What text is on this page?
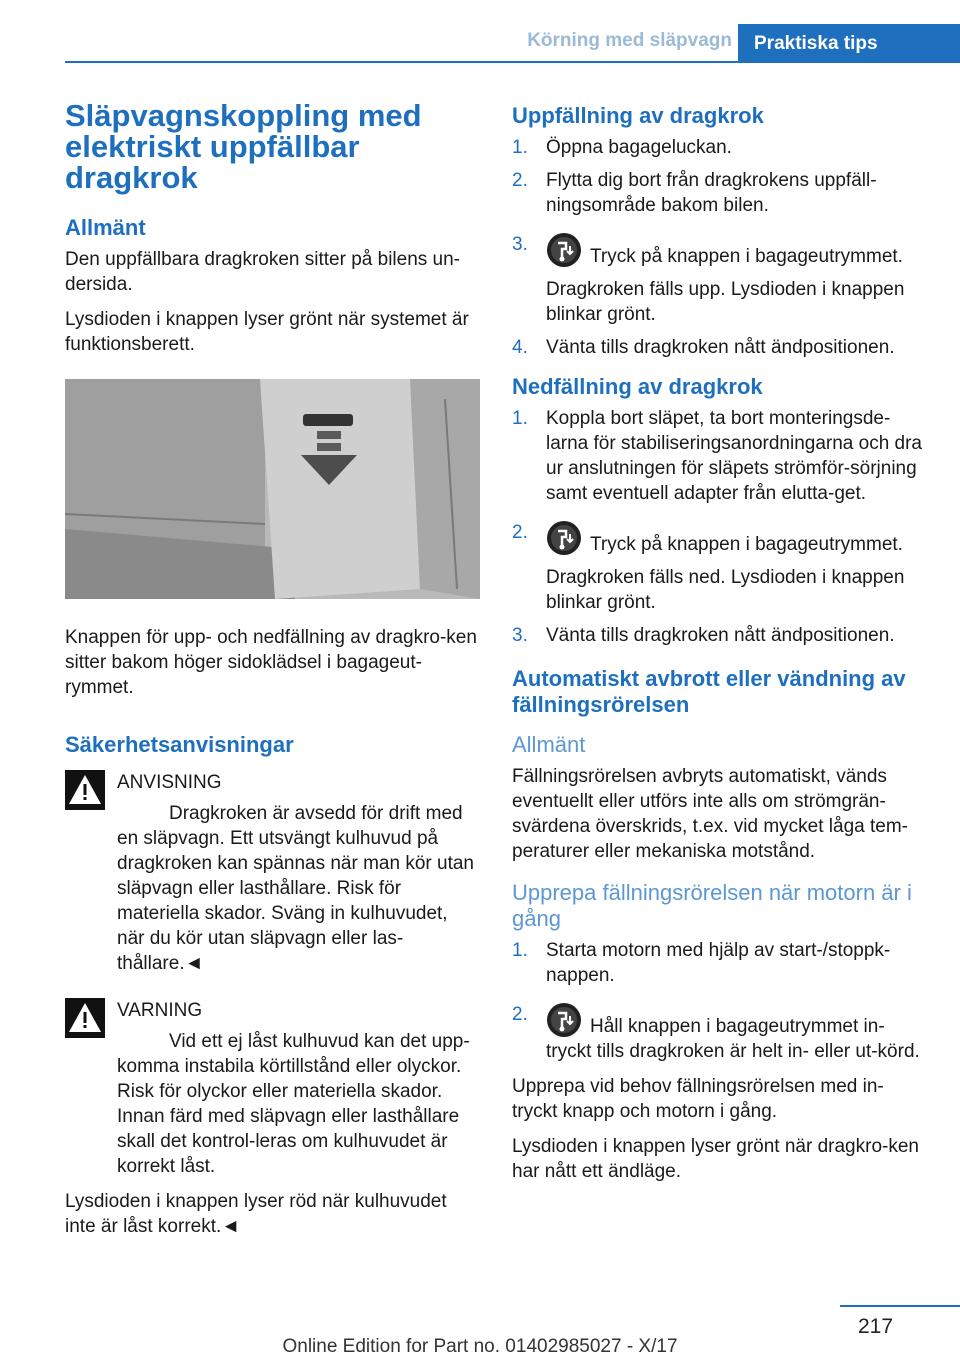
Körning med släpvagn	Praktiska tips
Släpvagnskoppling med elektriskt uppfällbar dragkrok
Allmänt

Den uppfällbara dragkroken sitter på bilens un-dersida.

Lysdioden i knappen lyser grönt när systemet är funktionsberett.

Knappen för upp- och nedfällning av dragkro-ken sitter bakom höger sidoklädsel i bagageut-rymmet.

Säkerhetsanvisningar

ANVISNING

Dragkroken är avsedd för drift med en släpvagn. Ett utsvängt kulhuvud på dragkroken kan spännas när man kör utan släpvagn eller lasthållare. Risk för materiella skador. Sväng in kulhuvudet, när du kör utan släpvagn eller las-thållare.◄

VARNING

Vid ett ej låst kulhuvud kan det upp-komma instabila körtillstånd eller olyckor. Risk för olyckor eller materiella skador. Innan färd med släpvagn eller lasthållare skall det kontrol-leras om kulhuvudet är korrekt låst.

Lysdioden i knappen lyser röd när kulhuvudet inte är låst korrekt.◄

Uppfällning av dragkrok
1. Öppna bagageluckan.
2. Flytta dig bort från dragkrokens uppfäll-ningsområde bakom bilen.
3.
Tryck på knappen i bagageutrymmet.
Dragkroken fälls upp. Lysdioden i knappen blinkar grönt.
4. Vänta tills dragkroken nått ändpositionen.
Nedfällning av dragkrok
1. Koppla bort släpet, ta bort monteringsde-larna för stabiliseringsanordningarna och dra ur anslutningen för släpets strömför-sörjning samt eventuell adapter från elutta-get.
2.
Tryck på knappen i bagageutrymmet.
Dragkroken fälls ned. Lysdioden i knappen blinkar grönt.
3. Vänta tills dragkroken nått ändpositionen.
Automatiskt avbrott eller vändning av fällningsrörelsen
Allmänt

Fällningsrörelsen avbryts automatiskt, vänds eventuellt eller utförs inte alls om strömgrän-svärdena överskrids, t.ex. vid mycket låga tem-peraturer eller mekaniska motstånd.

Upprepa fällningsrörelsen när motorn är i gång
1. Starta motorn med hjälp av start-/stoppk-nappen.
2.
Håll knappen i bagageutrymmet in-tryckt tills dragkroken är helt in- eller ut-körd.

Upprepa vid behov fällningsrörelsen med in-tryckt knapp och motorn i gång.

Lysdioden i knappen lyser grönt när dragkro-ken har nått ett ändläge.

217
Online Edition for Part no. 01402985027 - X/17
